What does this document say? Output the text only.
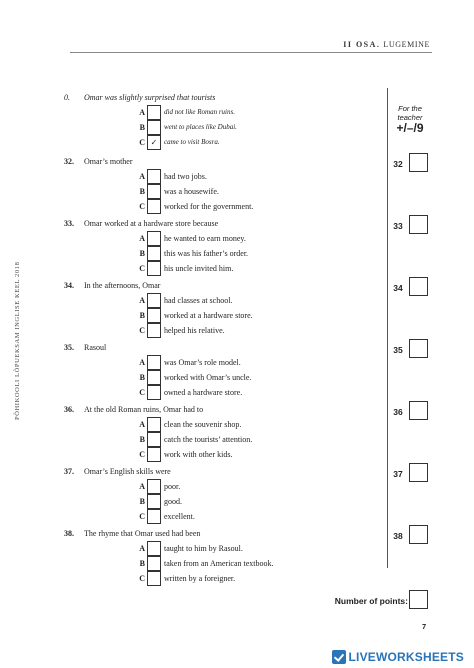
II OSA. LUGEMINE
PÕHIKOOLI LÕPUEKSAM INGLISE KEEL 2018
For the teacher
+/–/9
0. Omar was slightly surprised that tourists
A	did not like Roman ruins.
B	went to places like Dubai.
C ✓ came to visit Bosra.
32. Omar’s mother
A had two jobs.
B was a housewife.
C worked for the government.
32
33. Omar worked at a hardware store because
A he wanted to earn money.
B this was his father’s order.
C his uncle invited him.
33
34. In the afternoons, Omar
A had classes at school.
B worked at a hardware store.
C helped his relative.
34
35. Rasoul
A was Omar’s role model.
B worked with Omar’s uncle.
C owned a hardware store.
35
36. At the old Roman ruins, Omar had to
A clean the souvenir shop.
B catch the tourists’ attention.
C work with other kids.
36
37. Omar’s English skills were
A poor.
B good.
C excellent.
37
38. The rhyme that Omar used had been
A taught to him by Rasoul.
B taken from an American textbook.
C written by a foreigner.
38
Number of points:
7
LIVEWORKSHEETS
